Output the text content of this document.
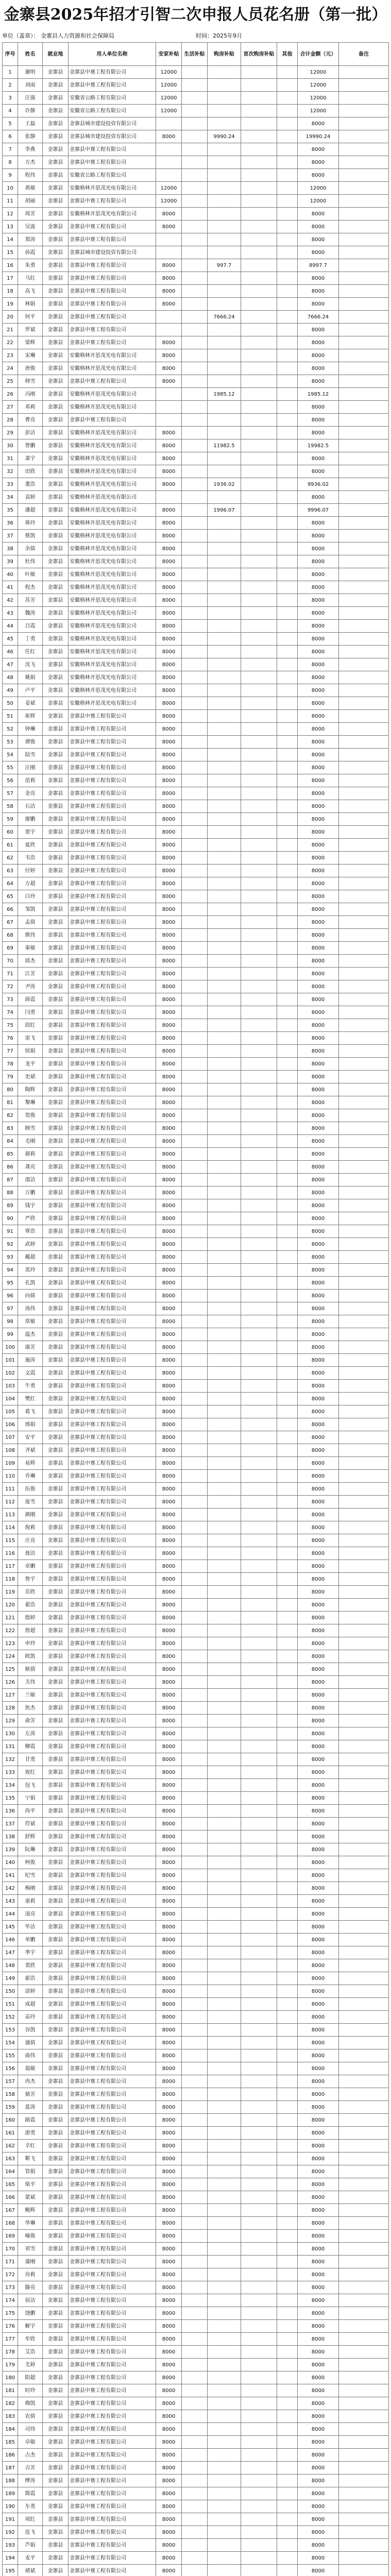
金寨县2025年招才引智二次申报人员花名册（第一批）
单位（盖章）： 金寨县人力资源和社会保障局	时间：2025年9月
序号	姓名	就业地	用人单位名称	安家补贴	生活补贴	购房补贴	首次购房补贴	其他	合计金额（元）	备注
1	谢明	金寨县	金寨县中赛工程有限公司	12000					12000	
2	刘雨	金寨县	金寨县中赛工程有限公司	12000					12000	
3	汪强	金寨县	安徽省公路工程有限公司	12000					12000	
4	许静	金寨县	安徽省公路工程有限公司	12000					12000	
5	王磊	金寨县	金寨县城市建设投资有限公司						8000	
6	张静	金寨县	金寨县城市建设投资有限公司	8000		9990.24			19990.24	
7	李燕	金寨县	金寨县中赛工程有限公司						8000	
8	方杰	金寨县	金寨县中赛工程有限公司						8000	
9	程伟	金寨县	安徽省公路工程有限公司						8000	
10	黄敏	金寨县	安徽格林开思茂光电有限公司	12000					12000	
11	胡丽	金寨县	金寨县中赛工程有限公司	12000					12000	
12	周芳	金寨县	安徽格林开思茂光电有限公司	8000					8000	
13	吴波	金寨县	金寨县中赛工程有限公司	8000					8000	
14	郑涛	金寨县	金寨县中赛工程有限公司						8000	
15	孙霞	金寨县	金寨县城市建设投资有限公司						8000	
16	朱勇	金寨县	金寨县中赛工程有限公司	8000		997.7			8997.7	
17	马红	金寨县	金寨县中赛工程有限公司	8000					8000	
18	高飞	金寨县	金寨县中赛工程有限公司	8000					8000	
19	林娟	金寨县	金寨县中赛工程有限公司	8000					8000	
20	何平	金寨县	金寨县中赛工程有限公司			7666.24			7666.24	
21	罗斌	金寨县	金寨县中赛工程有限公司						8000	
22	梁辉	金寨县	金寨县中赛工程有限公司	8000					8000	
23	宋琳	金寨县	安徽格林开思茂光电有限公司	8000					8000	
24	唐俊	金寨县	安徽格林开思茂光电有限公司	8000					8000	
25	韩雪	金寨县	金寨县中赛工程有限公司	8000					8000	
26	冯刚	金寨县	安徽格林开思茂光电有限公司			1985.12			1985.12	
27	邓莉	金寨县	安徽格林开思茂光电有限公司						8000	
28	曹亮	金寨县	金寨县中赛工程有限公司						8000	
29	彭洁	金寨县	安徽格林开思茂光电有限公司	8000					8000	
30	曾鹏	金寨县	安徽格林开思茂光电有限公司	8000		11982.5			19982.5	
31	萧宇	金寨县	安徽格林开思茂光电有限公司	8000					8000	
32	田欣	金寨县	安徽格林开思茂光电有限公司	8000					8000	
33	董浩	金寨县	安徽格林开思茂光电有限公司	8000		1936.02			9936.02	
34	袁婷	金寨县	安徽格林开思茂光电有限公司						8000	
35	潘超	金寨县	安徽格林开思茂光电有限公司	8000		1996.07			9996.07	
36	蒋玲	金寨县	安徽格林开思茂光电有限公司	8000					8000	
37	蔡凯	金寨县	安徽格林开思茂光电有限公司	8000					8000	
38	余倩	金寨县	安徽格林开思茂光电有限公司	8000					8000	
39	杜伟	金寨县	安徽格林开思茂光电有限公司	8000					8000	
40	叶敏	金寨县	安徽格林开思茂光电有限公司	8000					8000	
41	程杰	金寨县	安徽格林开思茂光电有限公司	8000					8000	
42	苏芳	金寨县	安徽格林开思茂光电有限公司	8000					8000	
43	魏涛	金寨县	安徽格林开思茂光电有限公司	8000					8000	
44	吕霞	金寨县	安徽格林开思茂光电有限公司	8000					8000	
45	丁勇	金寨县	安徽格林开思茂光电有限公司	8000					8000	
46	任红	金寨县	安徽格林开思茂光电有限公司	8000					8000	
47	沈飞	金寨县	安徽格林开思茂光电有限公司	8000					8000	
48	姚娟	金寨县	安徽格林开思茂光电有限公司	8000					8000	
49	卢平	金寨县	安徽格林开思茂光电有限公司	8000					8000	
50	姜斌	金寨县	安徽格林开思茂光电有限公司	8000					8000	
51	崔辉	金寨县	金寨县中赛工程有限公司	8000					8000	
52	钟琳	金寨县	金寨县中赛工程有限公司	8000					8000	
53	谭俊	金寨县	金寨县中赛工程有限公司	8000					8000	
54	陆雪	金寨县	金寨县中赛工程有限公司	8000					8000	
55	汪刚	金寨县	金寨县中赛工程有限公司	8000					8000	
56	范莉	金寨县	金寨县中赛工程有限公司	8000					8000	
57	金亮	金寨县	金寨县中赛工程有限公司	8000					8000	
58	石洁	金寨县	金寨县中赛工程有限公司	8000					8000	
59	廖鹏	金寨县	金寨县中赛工程有限公司	8000					8000	
60	贾宇	金寨县	金寨县中赛工程有限公司	8000					8000	
61	夏欣	金寨县	金寨县中赛工程有限公司	8000					8000	
62	韦浩	金寨县	金寨县中赛工程有限公司	8000					8000	
63	付婷	金寨县	金寨县中赛工程有限公司	8000					8000	
64	方超	金寨县	金寨县中赛工程有限公司	8000					8000	
65	白玲	金寨县	金寨县中赛工程有限公司	8000					8000	
66	邹凯	金寨县	金寨县中赛工程有限公司	8000					8000	
67	孟倩	金寨县	金寨县中赛工程有限公司	8000					8000	
68	熊伟	金寨县	金寨县中赛工程有限公司	8000					8000	
69	秦敏	金寨县	金寨县中赛工程有限公司	8000					8000	
70	邱杰	金寨县	金寨县中赛工程有限公司	8000					8000	
71	江芳	金寨县	金寨县中赛工程有限公司	8000					8000	
72	尹涛	金寨县	金寨县中赛工程有限公司	8000					8000	
73	薛霞	金寨县	金寨县中赛工程有限公司	8000					8000	
74	闫勇	金寨县	金寨县中赛工程有限公司	8000					8000	
75	段红	金寨县	金寨县中赛工程有限公司	8000					8000	
76	雷飞	金寨县	金寨县中赛工程有限公司	8000					8000	
77	侯娟	金寨县	金寨县中赛工程有限公司	8000					8000	
78	龙平	金寨县	金寨县中赛工程有限公司	8000					8000	
79	史斌	金寨县	金寨县中赛工程有限公司	8000					8000	
80	陶辉	金寨县	金寨县中赛工程有限公司	8000					8000	
81	黎琳	金寨县	金寨县中赛工程有限公司	8000					8000	
82	贺俊	金寨县	金寨县中赛工程有限公司	8000					8000	
83	顾雪	金寨县	金寨县中赛工程有限公司	8000					8000	
84	毛刚	金寨县	金寨县中赛工程有限公司	8000					8000	
85	郝莉	金寨县	金寨县中赛工程有限公司	8000					8000	
86	龚亮	金寨县	金寨县中赛工程有限公司	8000					8000	
87	邵洁	金寨县	金寨县中赛工程有限公司	8000					8000	
88	万鹏	金寨县	金寨县中赛工程有限公司	8000					8000	
89	钱宇	金寨县	金寨县中赛工程有限公司	8000					8000	
90	严欣	金寨县	金寨县中赛工程有限公司	8000					8000	
91	覃浩	金寨县	金寨县中赛工程有限公司	8000					8000	
92	武婷	金寨县	金寨县中赛工程有限公司	8000					8000	
93	戴超	金寨县	金寨县中赛工程有限公司	8000					8000	
94	莫玲	金寨县	金寨县中赛工程有限公司	8000					8000	
95	孔凯	金寨县	金寨县中赛工程有限公司	8000					8000	
96	向倩	金寨县	金寨县中赛工程有限公司	8000					8000	
97	汤伟	金寨县	金寨县中赛工程有限公司	8000					8000	
98	常敏	金寨县	金寨县中赛工程有限公司	8000					8000	
99	温杰	金寨县	金寨县中赛工程有限公司	8000					8000	
100	康芳	金寨县	金寨县中赛工程有限公司	8000					8000	
101	施涛	金寨县	金寨县中赛工程有限公司	8000					8000	
102	文霞	金寨县	金寨县中赛工程有限公司	8000					8000	
103	牛勇	金寨县	金寨县中赛工程有限公司	8000					8000	
104	樊红	金寨县	金寨县中赛工程有限公司	8000					8000	
105	葛飞	金寨县	金寨县中赛工程有限公司	8000					8000	
106	邢娟	金寨县	金寨县中赛工程有限公司	8000					8000	
107	安平	金寨县	金寨县中赛工程有限公司	8000					8000	
108	齐斌	金寨县	金寨县中赛工程有限公司	8000					8000	
109	易辉	金寨县	金寨县中赛工程有限公司	8000					8000	
110	乔琳	金寨县	金寨县中赛工程有限公司	8000					8000	
111	伍俊	金寨县	金寨县中赛工程有限公司	8000					8000	
112	庞雪	金寨县	金寨县中赛工程有限公司	8000					8000	
113	颜刚	金寨县	金寨县中赛工程有限公司	8000					8000	
114	倪莉	金寨县	金寨县中赛工程有限公司	8000					8000	
115	庄亮	金寨县	金寨县中赛工程有限公司	8000					8000	
116	聂洁	金寨县	金寨县中赛工程有限公司	8000					8000	
117	章鹏	金寨县	金寨县中赛工程有限公司	8000					8000	
118	鲁宇	金寨县	金寨县中赛工程有限公司	8000					8000	
119	岳欣	金寨县	金寨县中赛工程有限公司	8000					8000	
120	翟浩	金寨县	金寨县中赛工程有限公司	8000					8000	
121	殷婷	金寨县	金寨县中赛工程有限公司	8000					8000	
122	詹超	金寨县	金寨县中赛工程有限公司	8000					8000	
123	申玲	金寨县	金寨县中赛工程有限公司	8000					8000	
124	欧凯	金寨县	金寨县中赛工程有限公司	8000					8000	
125	耿倩	金寨县	金寨县中赛工程有限公司	8000					8000	
126	关伟	金寨县	金寨县中赛工程有限公司	8000					8000	
127	兰敏	金寨县	金寨县中赛工程有限公司	8000					8000	
128	焦杰	金寨县	金寨县中赛工程有限公司	8000					8000	
129	俞芳	金寨县	金寨县中赛工程有限公司	8000					8000	
130	左涛	金寨县	金寨县中赛工程有限公司	8000					8000	
131	柳霞	金寨县	金寨县中赛工程有限公司	8000					8000	
132	甘勇	金寨县	金寨县中赛工程有限公司	8000					8000	
133	祝红	金寨县	金寨县中赛工程有限公司	8000					8000	
134	包飞	金寨县	金寨县中赛工程有限公司	8000					8000	
135	宁娟	金寨县	金寨县中赛工程有限公司	8000					8000	
136	尚平	金寨县	金寨县中赛工程有限公司	8000					8000	
137	符斌	金寨县	金寨县中赛工程有限公司	8000					8000	
138	舒辉	金寨县	金寨县中赛工程有限公司	8000					8000	
139	阮琳	金寨县	金寨县中赛工程有限公司	8000					8000	
140	柯俊	金寨县	金寨县中赛工程有限公司	8000					8000	
141	纪雪	金寨县	金寨县中赛工程有限公司	8000					8000	
142	梅刚	金寨县	金寨县中赛工程有限公司	8000					8000	
143	童莉	金寨县	金寨县中赛工程有限公司	8000					8000	
144	凌亮	金寨县	金寨县中赛工程有限公司	8000					8000	
145	毕洁	金寨县	金寨县中赛工程有限公司	8000					8000	
146	单鹏	金寨县	金寨县中赛工程有限公司	8000					8000	
147	季宇	金寨县	金寨县中赛工程有限公司	8000					8000	
148	裴欣	金寨县	金寨县中赛工程有限公司	8000					8000	
149	霍浩	金寨县	金寨县中赛工程有限公司	8000					8000	
150	涂婷	金寨县	金寨县中赛工程有限公司	8000					8000	
151	成超	金寨县	金寨县中赛工程有限公司	8000					8000	
152	苗玲	金寨县	金寨县中赛工程有限公司	8000					8000	
153	谷凯	金寨县	金寨县中赛工程有限公司	8000					8000	
154	盛倩	金寨县	金寨县中赛工程有限公司	8000					8000	
155	曲伟	金寨县	金寨县中赛工程有限公司	8000					8000	
156	翁敏	金寨县	金寨县中赛工程有限公司	8000					8000	
157	冉杰	金寨县	金寨县中赛工程有限公司	8000					8000	
158	骆芳	金寨县	金寨县中赛工程有限公司	8000					8000	
159	蓝涛	金寨县	金寨县中赛工程有限公司	8000					8000	
160	路霞	金寨县	金寨县中赛工程有限公司	8000					8000	
161	游勇	金寨县	金寨县中赛工程有限公司	8000					8000	
162	辛红	金寨县	金寨县中赛工程有限公司	8000					8000	
163	靳飞	金寨县	金寨县中赛工程有限公司	8000					8000	
164	管娟	金寨县	金寨县中赛工程有限公司	8000					8000	
165	柴平	金寨县	金寨县中赛工程有限公司	8000					8000	
166	蒙斌	金寨县	金寨县中赛工程有限公司	8000					8000	
167	鲍辉	金寨县	金寨县中赛工程有限公司	8000					8000	
168	华琳	金寨县	金寨县中赛工程有限公司	8000					8000	
169	喻俊	金寨县	金寨县中赛工程有限公司	8000					8000	
170	祁雪	金寨县	金寨县中赛工程有限公司	8000					8000	
171	蒲刚	金寨县	金寨县中赛工程有限公司	8000					8000	
172	房莉	金寨县	金寨县中赛工程有限公司	8000					8000	
173	滕亮	金寨县	金寨县中赛工程有限公司	8000					8000	
174	屈洁	金寨县	金寨县中赛工程有限公司	8000					8000	
175	饶鹏	金寨县	金寨县中赛工程有限公司	8000					8000	
176	解宇	金寨县	金寨县中赛工程有限公司	8000					8000	
177	牟欣	金寨县	金寨县中赛工程有限公司	8000					8000	
178	艾浩	金寨县	金寨县中赛工程有限公司	8000					8000	
179	尤婷	金寨县	金寨县中赛工程有限公司	8000					8000	
180	阳超	金寨县	金寨县中赛工程有限公司	8000					8000	
181	时玲	金寨县	金寨县中赛工程有限公司	8000					8000	
182	穆凯	金寨县	金寨县中赛工程有限公司	8000					8000	
183	农倩	金寨县	金寨县中赛工程有限公司	8000					8000	
184	司伟	金寨县	金寨县中赛工程有限公司	8000					8000	
185	卓敏	金寨县	金寨县中赛工程有限公司	8000					8000	
186	古杰	金寨县	金寨县中赛工程有限公司	8000					8000	
187	吉芳	金寨县	金寨县中赛工程有限公司	8000					8000	
188	缪涛	金寨县	金寨县中赛工程有限公司	8000					8000	
189	简霞	金寨县	金寨县中赛工程有限公司	8000					8000	
190	车勇	金寨县	金寨县中赛工程有限公司	8000					8000	
191	项红	金寨县	金寨县中赛工程有限公司	8000					8000	
192	连飞	金寨县	金寨县中赛工程有限公司	8000					8000	
193	芦娟	金寨县	金寨县中赛工程有限公司	8000					8000	
194	麦平	金寨县	金寨县中赛工程有限公司	8000					8000	
195	褚斌	金寨县	金寨县中赛工程有限公司	8000					8000	
